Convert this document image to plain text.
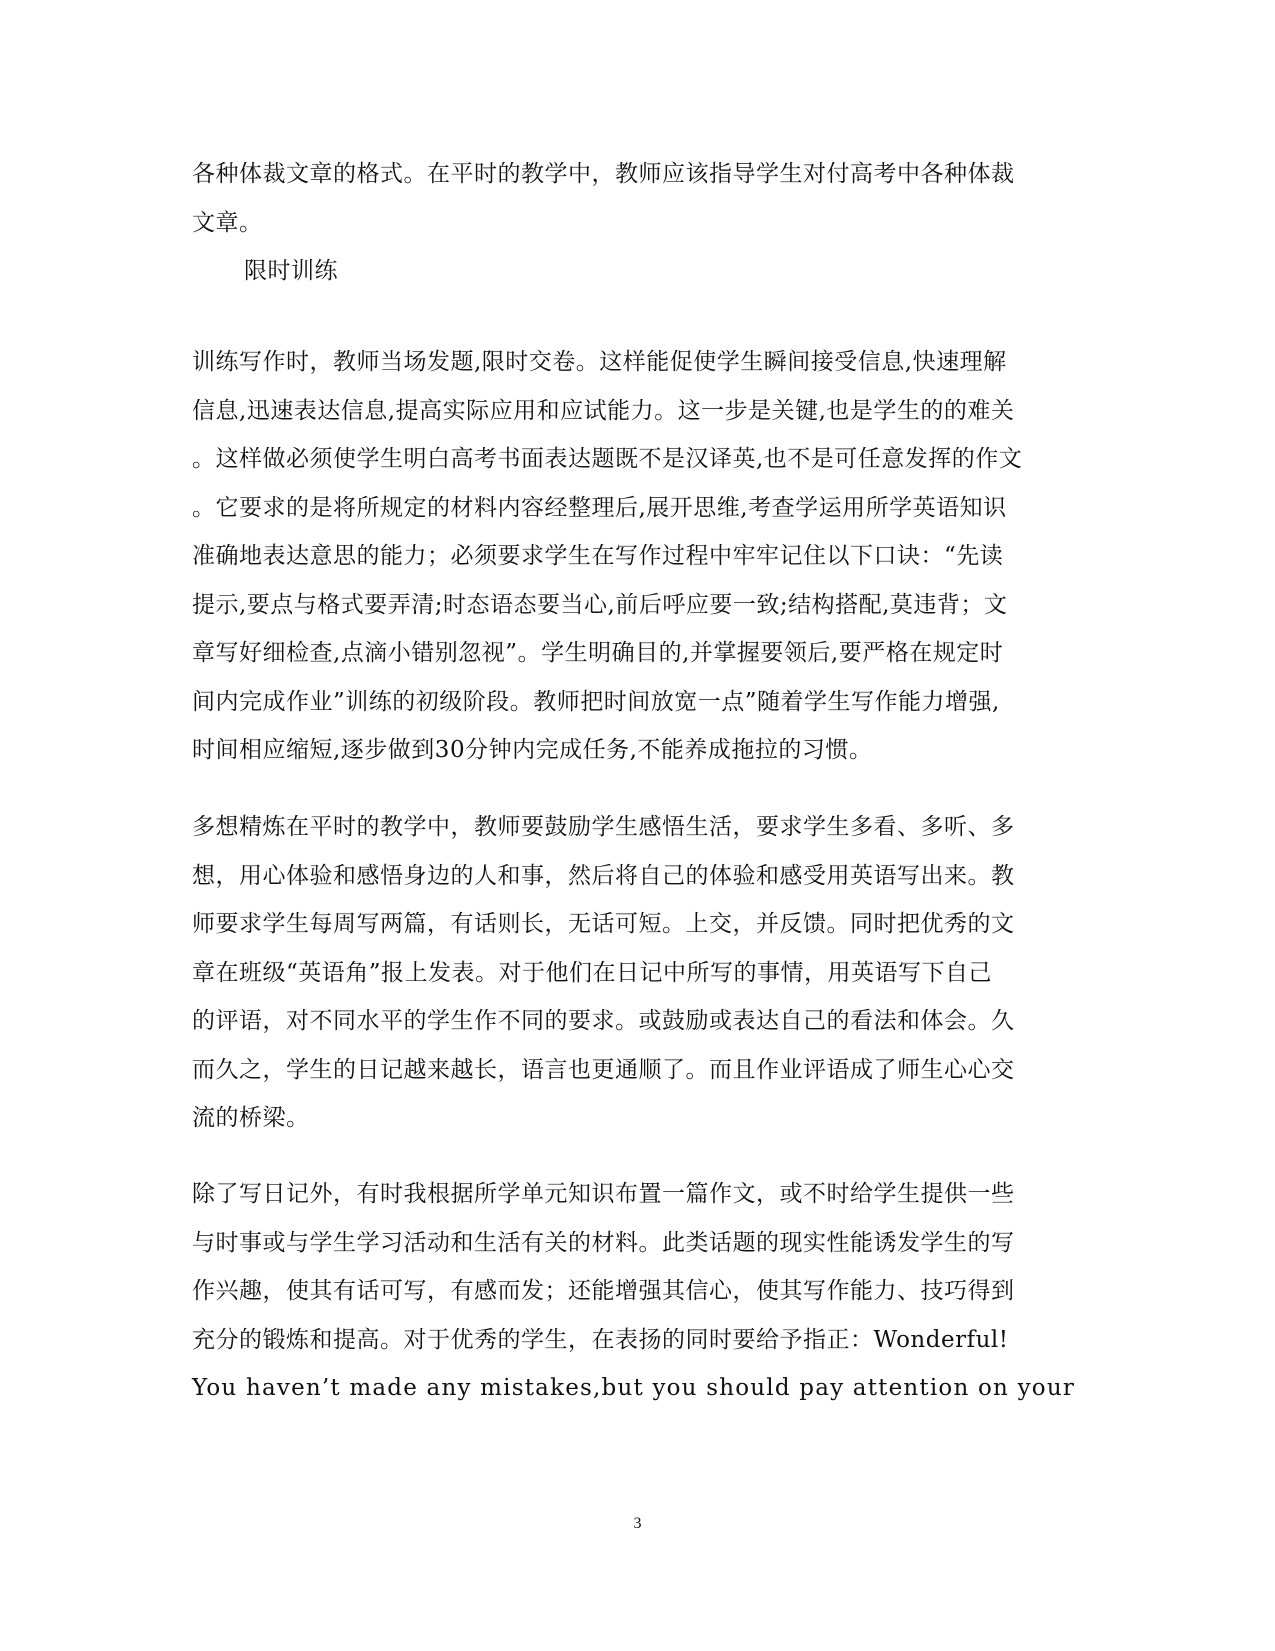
各种体裁文章的格式。在平时的教学中，教师应该指导学生对付高考中各种体裁
文章。
限时训练
训练写作时，教师当场发题,限时交卷。这样能促使学生瞬间接受信息,快速理解
信息,迅速表达信息,提高实际应用和应试能力。这一步是关键,也是学生的的难关
。这样做必须使学生明白高考书面表达题既不是汉译英,也不是可任意发挥的作文
。它要求的是将所规定的材料内容经整理后,展开思维,考查学运用所学英语知识
准确地表达意思的能力；必须要求学生在写作过程中牢牢记住以下口诀：“先读
提示,要点与格式要弄清;时态语态要当心,前后呼应要一致;结构搭配,莫违背；文
章写好细检查,点滴小错别忽视”。学生明确目的,并掌握要领后,要严格在规定时
间内完成作业”训练的初级阶段。教师把时间放宽一点”随着学生写作能力增强,
时间相应缩短,逐步做到30分钟内完成任务,不能养成拖拉的习惯。
多想精炼在平时的教学中，教师要鼓励学生感悟生活，要求学生多看、多听、多
想，用心体验和感悟身边的人和事，然后将自己的体验和感受用英语写出来。教
师要求学生每周写两篇，有话则长，无话可短。上交，并反馈。同时把优秀的文
章在班级“英语角”报上发表。对于他们在日记中所写的事情，用英语写下自己
的评语，对不同水平的学生作不同的要求。或鼓励或表达自己的看法和体会。久
而久之，学生的日记越来越长，语言也更通顺了。而且作业评语成了师生心心交
流的桥梁。
除了写日记外，有时我根据所学单元知识布置一篇作文，或不时给学生提供一些
与时事或与学生学习活动和生活有关的材料。此类话题的现实性能诱发学生的写
作兴趣，使其有话可写，有感而发；还能增强其信心，使其写作能力、技巧得到
充分的锻炼和提高。对于优秀的学生，在表扬的同时要给予指正：Wonderful!
You haven’t made any mistakes,but you should pay attention on your
3
